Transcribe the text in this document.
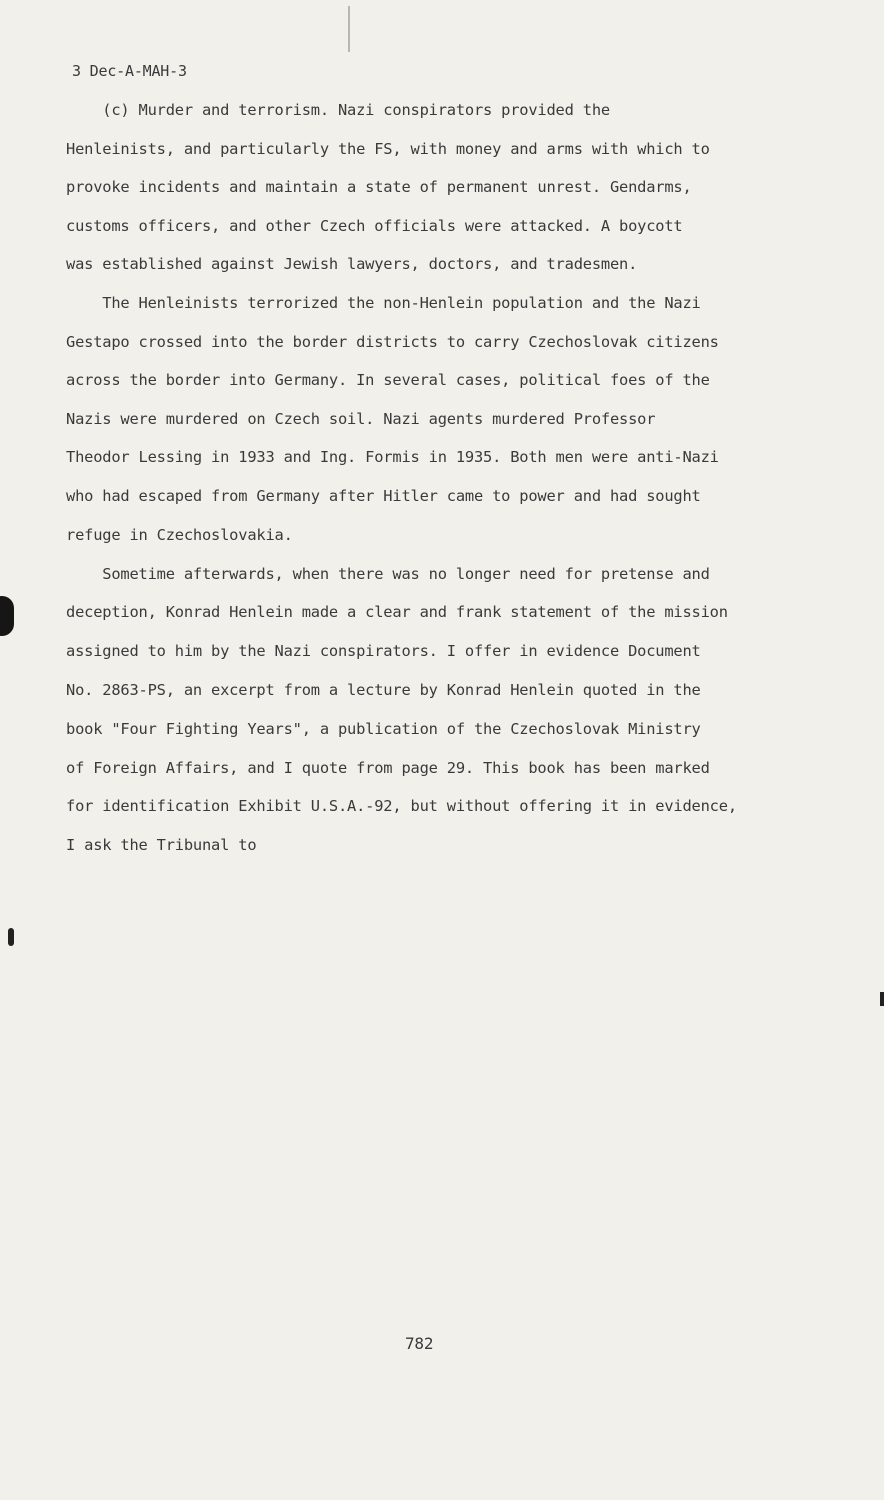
3 Dec-A-MAH-3
(c) Murder and terrorism. Nazi conspirators provided the
Henleinists, and particularly the FS, with money and arms with which to
provoke incidents and maintain a state of permanent unrest. Gendarms,
customs officers, and other Czech officials were attacked. A boycott
was established against Jewish lawyers, doctors, and tradesmen.
The Henleinists terrorized the non-Henlein population and the Nazi
Gestapo crossed into the border districts to carry Czechoslovak citizens
across the border into Germany. In several cases, political foes of the
Nazis were murdered on Czech soil. Nazi agents murdered Professor
Theodor Lessing in 1933 and Ing. Formis in 1935. Both men were anti-Nazi
who had escaped from Germany after Hitler came to power and had sought
refuge in Czechoslovakia.
Sometime afterwards, when there was no longer need for pretense and
deception, Konrad Henlein made a clear and frank statement of the mission
assigned to him by the Nazi conspirators. I offer in evidence Document
No. 2863-PS, an excerpt from a lecture by Konrad Henlein quoted in the
book "Four Fighting Years", a publication of the Czechoslovak Ministry
of Foreign Affairs, and I quote from page 29. This book has been marked
for identification Exhibit U.S.A.-92, but without offering it in evidence,
I ask the Tribunal to
782
